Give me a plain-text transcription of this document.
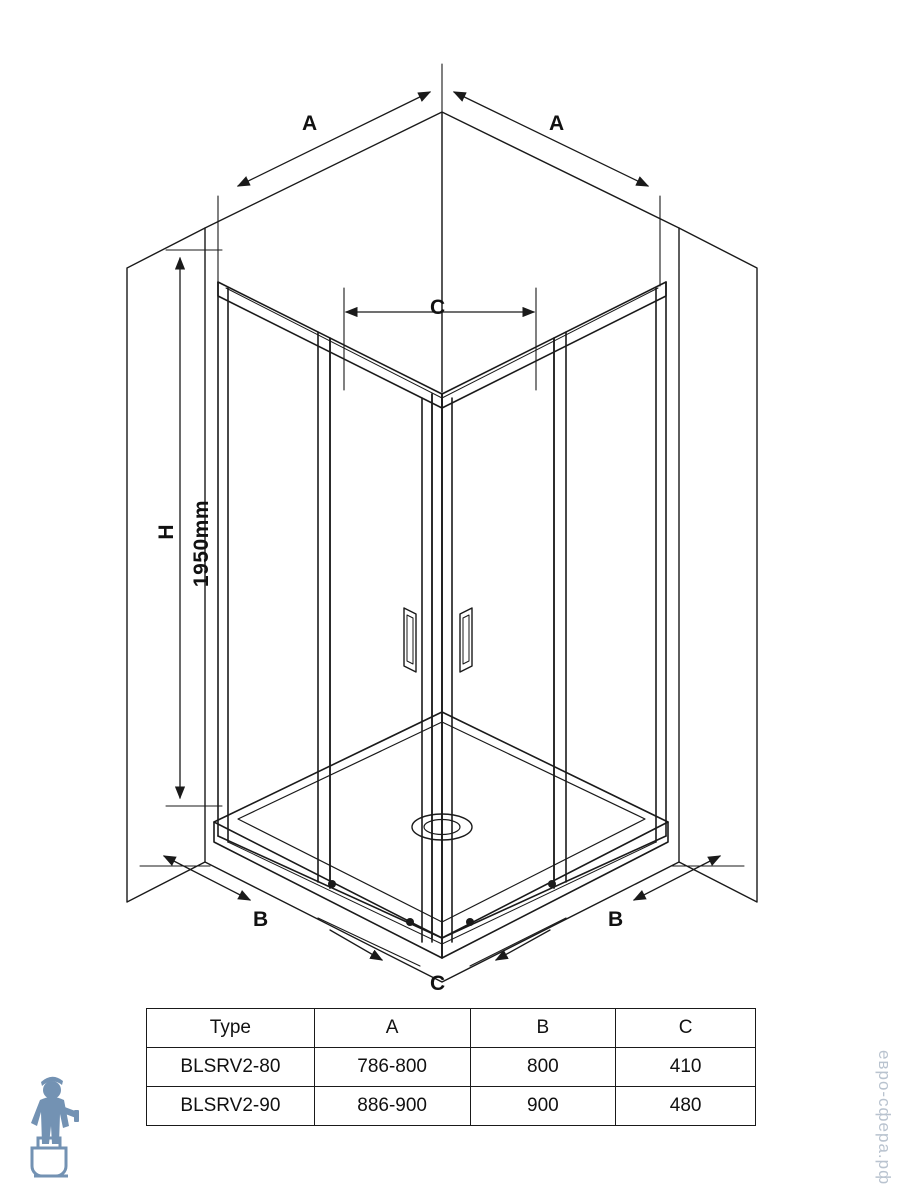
A	A
C
H 1950mm
B	B
C
Type	A	B	C
BLSRV2-80	786-800	800	410
BLSRV2-90	886-900	900	480	евро-сфера.рф
